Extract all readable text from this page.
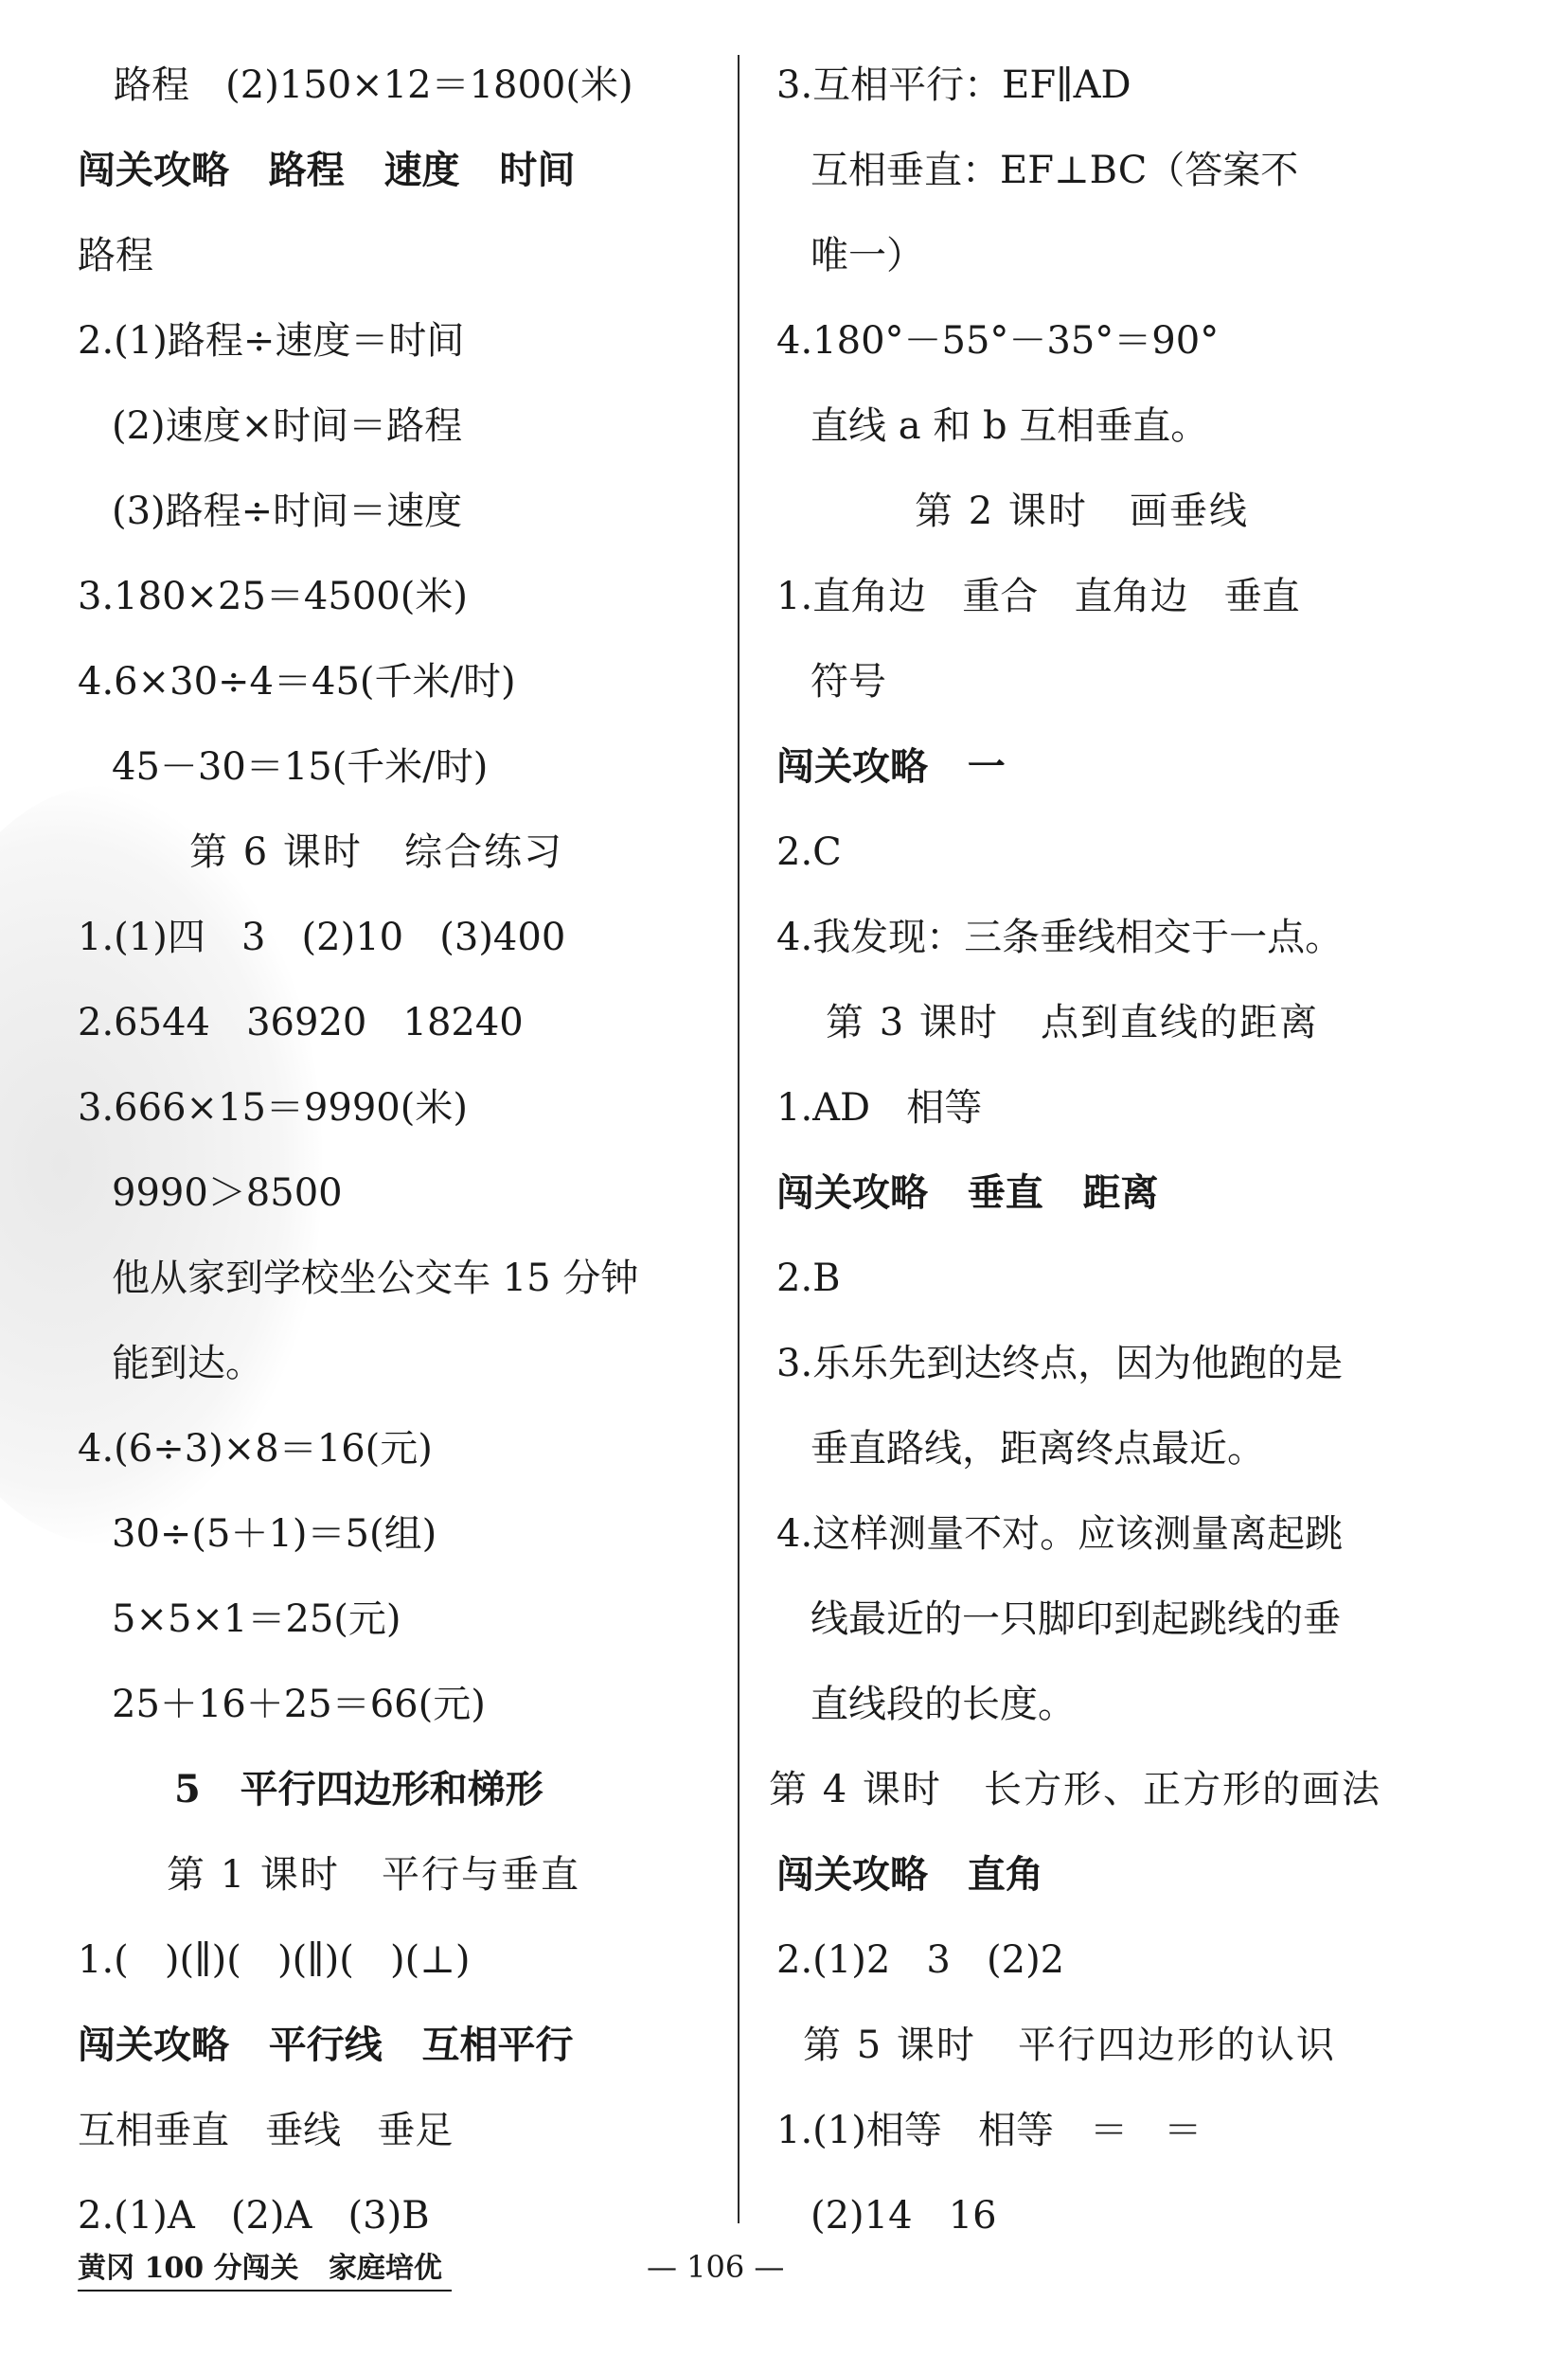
路程   (2)150×12＝1800(米)
闯关攻略   路程   速度   时间
路程
2.(1)路程÷速度＝时间
(2)速度×时间＝路程
(3)路程÷时间＝速度
3.180×25＝4500(米)
4.6×30÷4＝45(千米/时)
45－30＝15(千米/时)
第 6 课时   综合练习
1.(1)四   3   (2)10   (3)400
2.6544   36920   18240
3.666×15＝9990(米)
9990＞8500
他从家到学校坐公交车 15 分钟
能到达。
4.(6÷3)×8＝16(元)
30÷(5＋1)＝5(组)
5×5×1＝25(元)
25＋16＋25＝66(元)
5   平行四边形和梯形
第 1 课时   平行与垂直
1.(   )(∥)(   )(∥)(   )(⊥)
闯关攻略   平行线   互相平行
互相垂直   垂线   垂足
2.(1)A   (2)A   (3)B
3.互相平行：EF∥AD
互相垂直：EF⊥BC（答案不
唯一）
4.180°－55°－35°＝90°
直线 a 和 b 互相垂直。
第 2 课时   画垂线
1.直角边   重合   直角边   垂直
符号
闯关攻略   一
2.C
4.我发现：三条垂线相交于一点。
第 3 课时   点到直线的距离
1.AD   相等
闯关攻略   垂直   距离
2.B
3.乐乐先到达终点，因为他跑的是
垂直路线，距离终点最近。
4.这样测量不对。应该测量离起跳
线最近的一只脚印到起跳线的垂
直线段的长度。
第 4 课时   长方形、正方形的画法
闯关攻略   直角
2.(1)2   3   (2)2
第 5 课时   平行四边形的认识
1.(1)相等   相等   ＝   ＝
(2)14   16
黄冈 100 分闯关   家庭培优	— 106 —
